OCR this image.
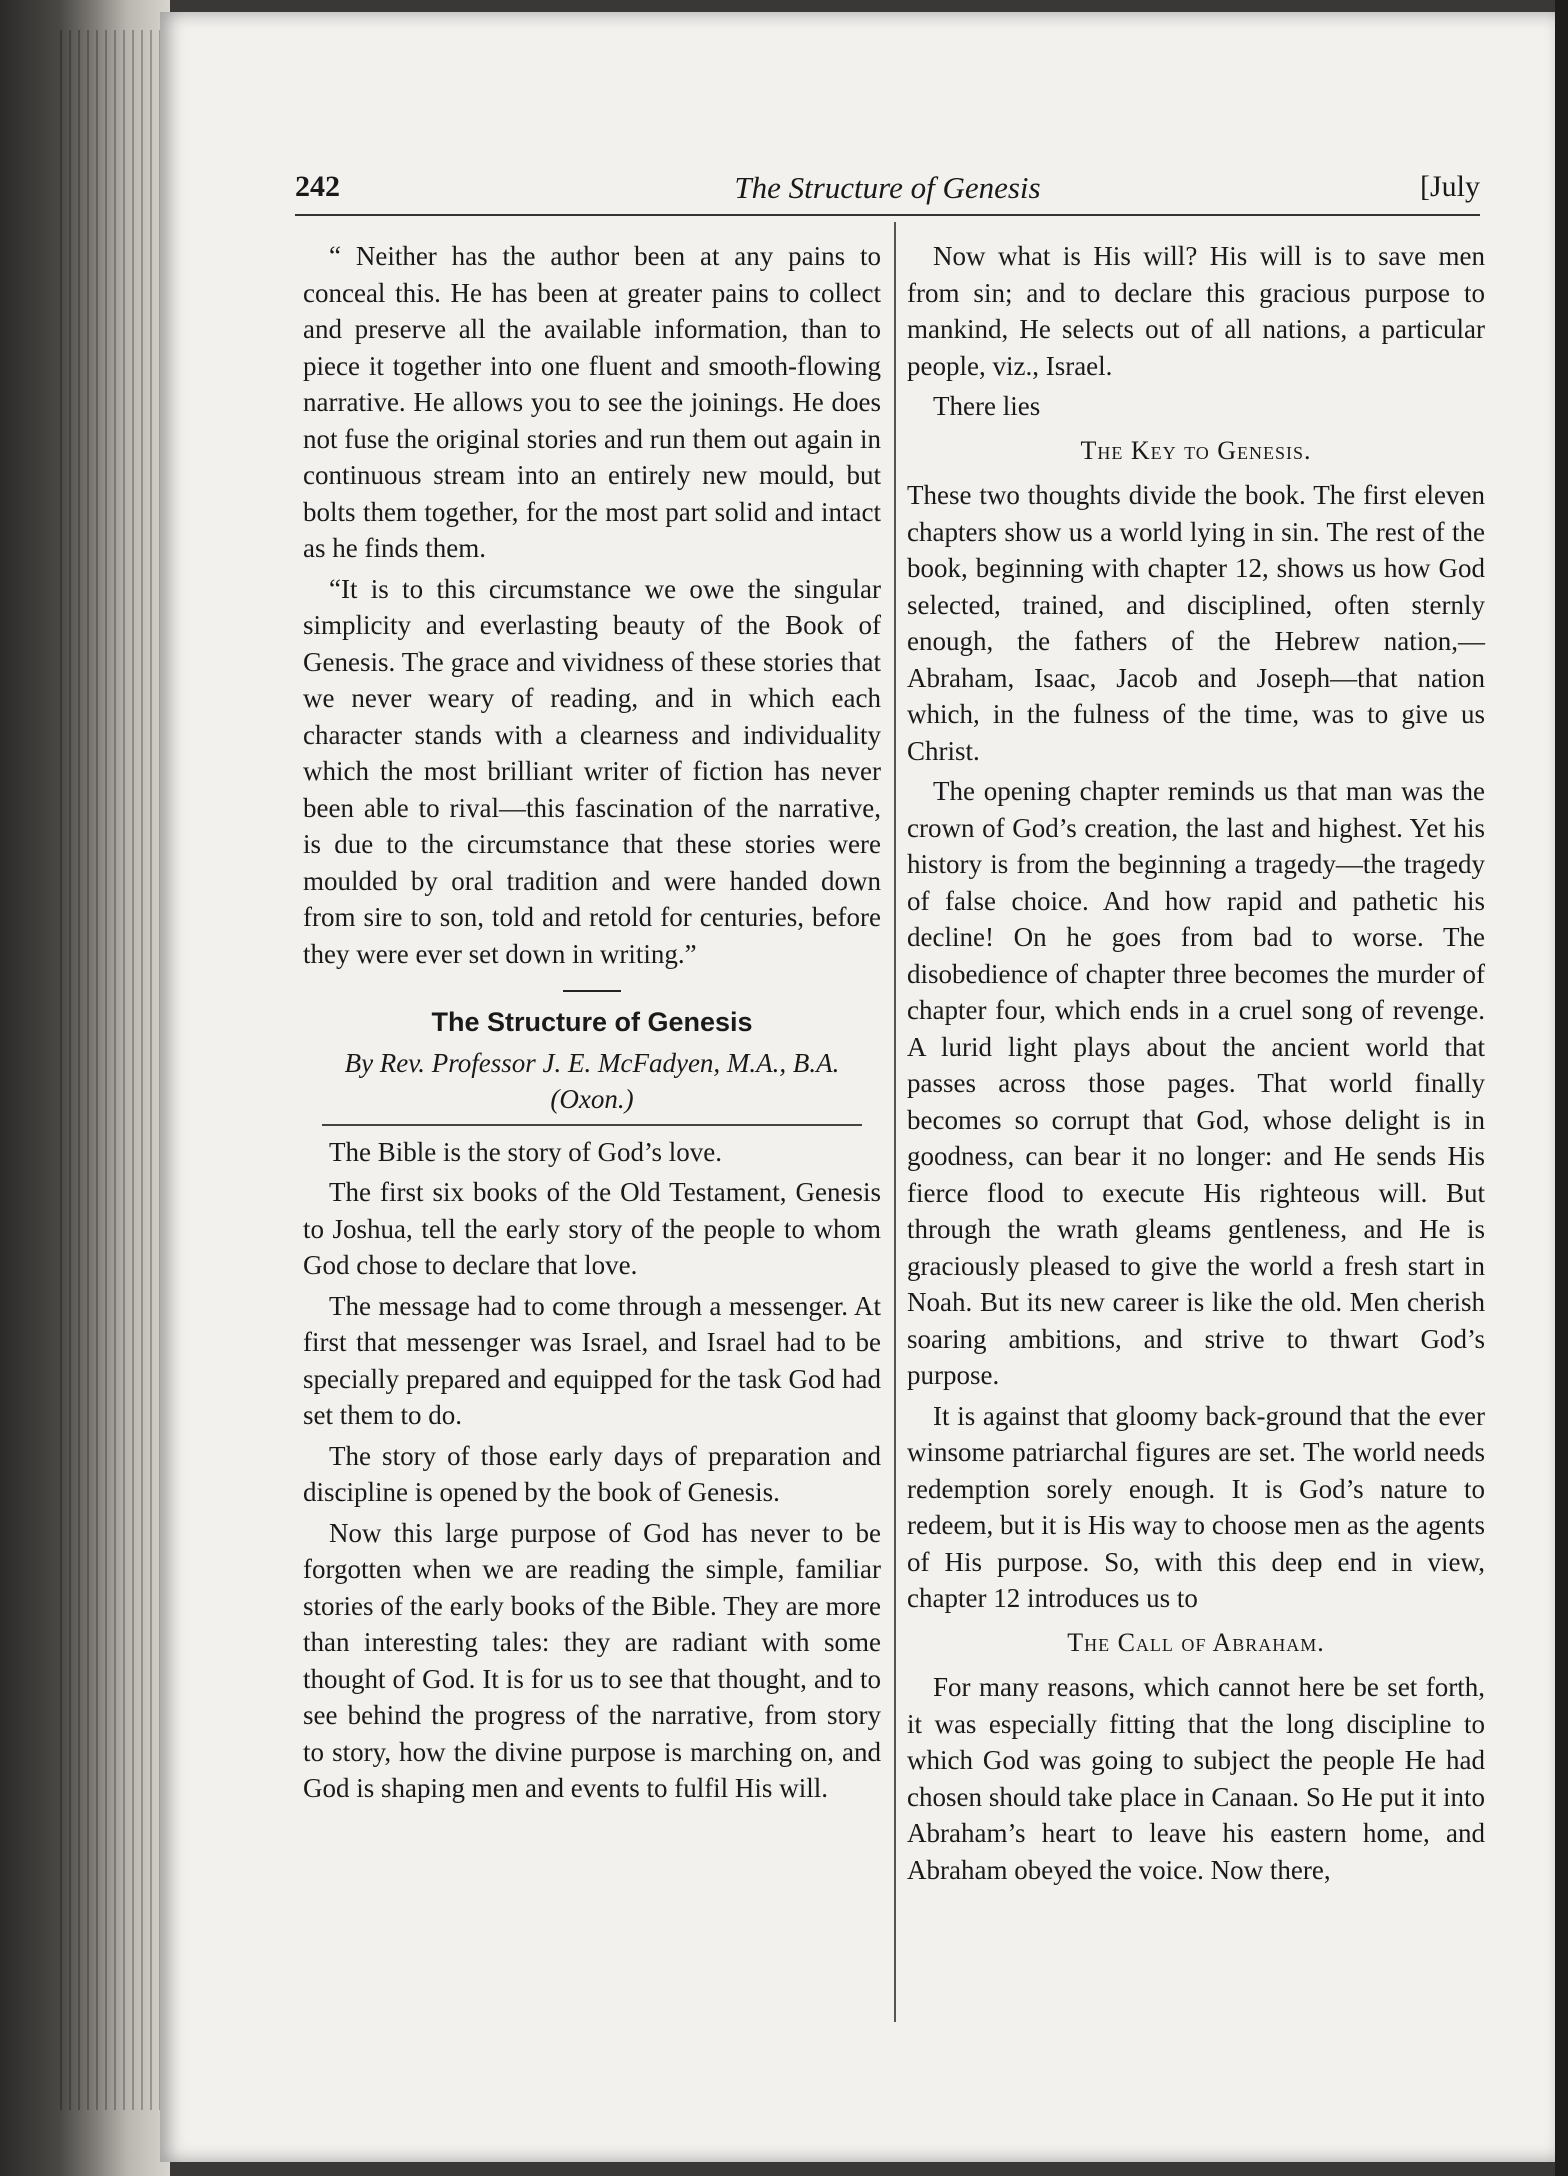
242	The Structure of Genesis	[July

“ Neither has the author been at any pains to conceal this. He has been at greater pains to collect and preserve all the available information, than to piece it together into one fluent and smooth-flowing narrative. He allows you to see the joinings. He does not fuse the original stories and run them out again in continuous stream into an entirely new mould, but bolts them together, for the most part solid and intact as he finds them.

“It is to this circumstance we owe the singular simplicity and everlasting beauty of the Book of Genesis. The grace and vividness of these stories that we never weary of reading, and in which each character stands with a clearness and individuality which the most brilliant writer of fiction has never been able to rival—this fascination of the narrative, is due to the circumstance that these stories were moulded by oral tradition and were handed down from sire to son, told and retold for centuries, before they were ever set down in writing.”

The Structure of Genesis
By Rev. Professor J. E. McFadyen, M.A., B.A.
(Oxon.)

The Bible is the story of God’s love.

The first six books of the Old Testament, Genesis to Joshua, tell the early story of the people to whom God chose to declare that love.

The message had to come through a messenger. At first that messenger was Israel, and Israel had to be specially prepared and equipped for the task God had set them to do.

The story of those early days of preparation and discipline is opened by the book of Genesis.

Now this large purpose of God has never to be forgotten when we are reading the simple, familiar stories of the early books of the Bible. They are more than interesting tales: they are radiant with some thought of God. It is for us to see that thought, and to see behind the progress of the narrative, from story to story, how the divine purpose is marching on, and God is shaping men and events to fulfil His will.

Now what is His will? His will is to save men from sin; and to declare this gracious purpose to mankind, He selects out of all nations, a particular people, viz., Israel.

There lies

The Key to Genesis.

These two thoughts divide the book. The first eleven chapters show us a world lying in sin. The rest of the book, beginning with chapter 12, shows us how God selected, trained, and disciplined, often sternly enough, the fathers of the Hebrew nation,—Abraham, Isaac, Jacob and Joseph—that nation which, in the fulness of the time, was to give us Christ.

The opening chapter reminds us that man was the crown of God’s creation, the last and highest. Yet his history is from the beginning a tragedy—the tragedy of false choice. And how rapid and pathetic his decline! On he goes from bad to worse. The disobedience of chapter three becomes the murder of chapter four, which ends in a cruel song of revenge. A lurid light plays about the ancient world that passes across those pages. That world finally becomes so corrupt that God, whose delight is in goodness, can bear it no longer: and He sends His fierce flood to execute His righteous will. But through the wrath gleams gentleness, and He is graciously pleased to give the world a fresh start in Noah. But its new career is like the old. Men cherish soaring ambitions, and strive to thwart God’s purpose.

It is against that gloomy back-ground that the ever winsome patriarchal figures are set. The world needs redemption sorely enough. It is God’s nature to redeem, but it is His way to choose men as the agents of His purpose. So, with this deep end in view, chapter 12 introduces us to

The Call of Abraham.

For many reasons, which cannot here be set forth, it was especially fitting that the long discipline to which God was going to subject the people He had chosen should take place in Canaan. So He put it into Abraham’s heart to leave his eastern home, and Abraham obeyed the voice. Now there,
